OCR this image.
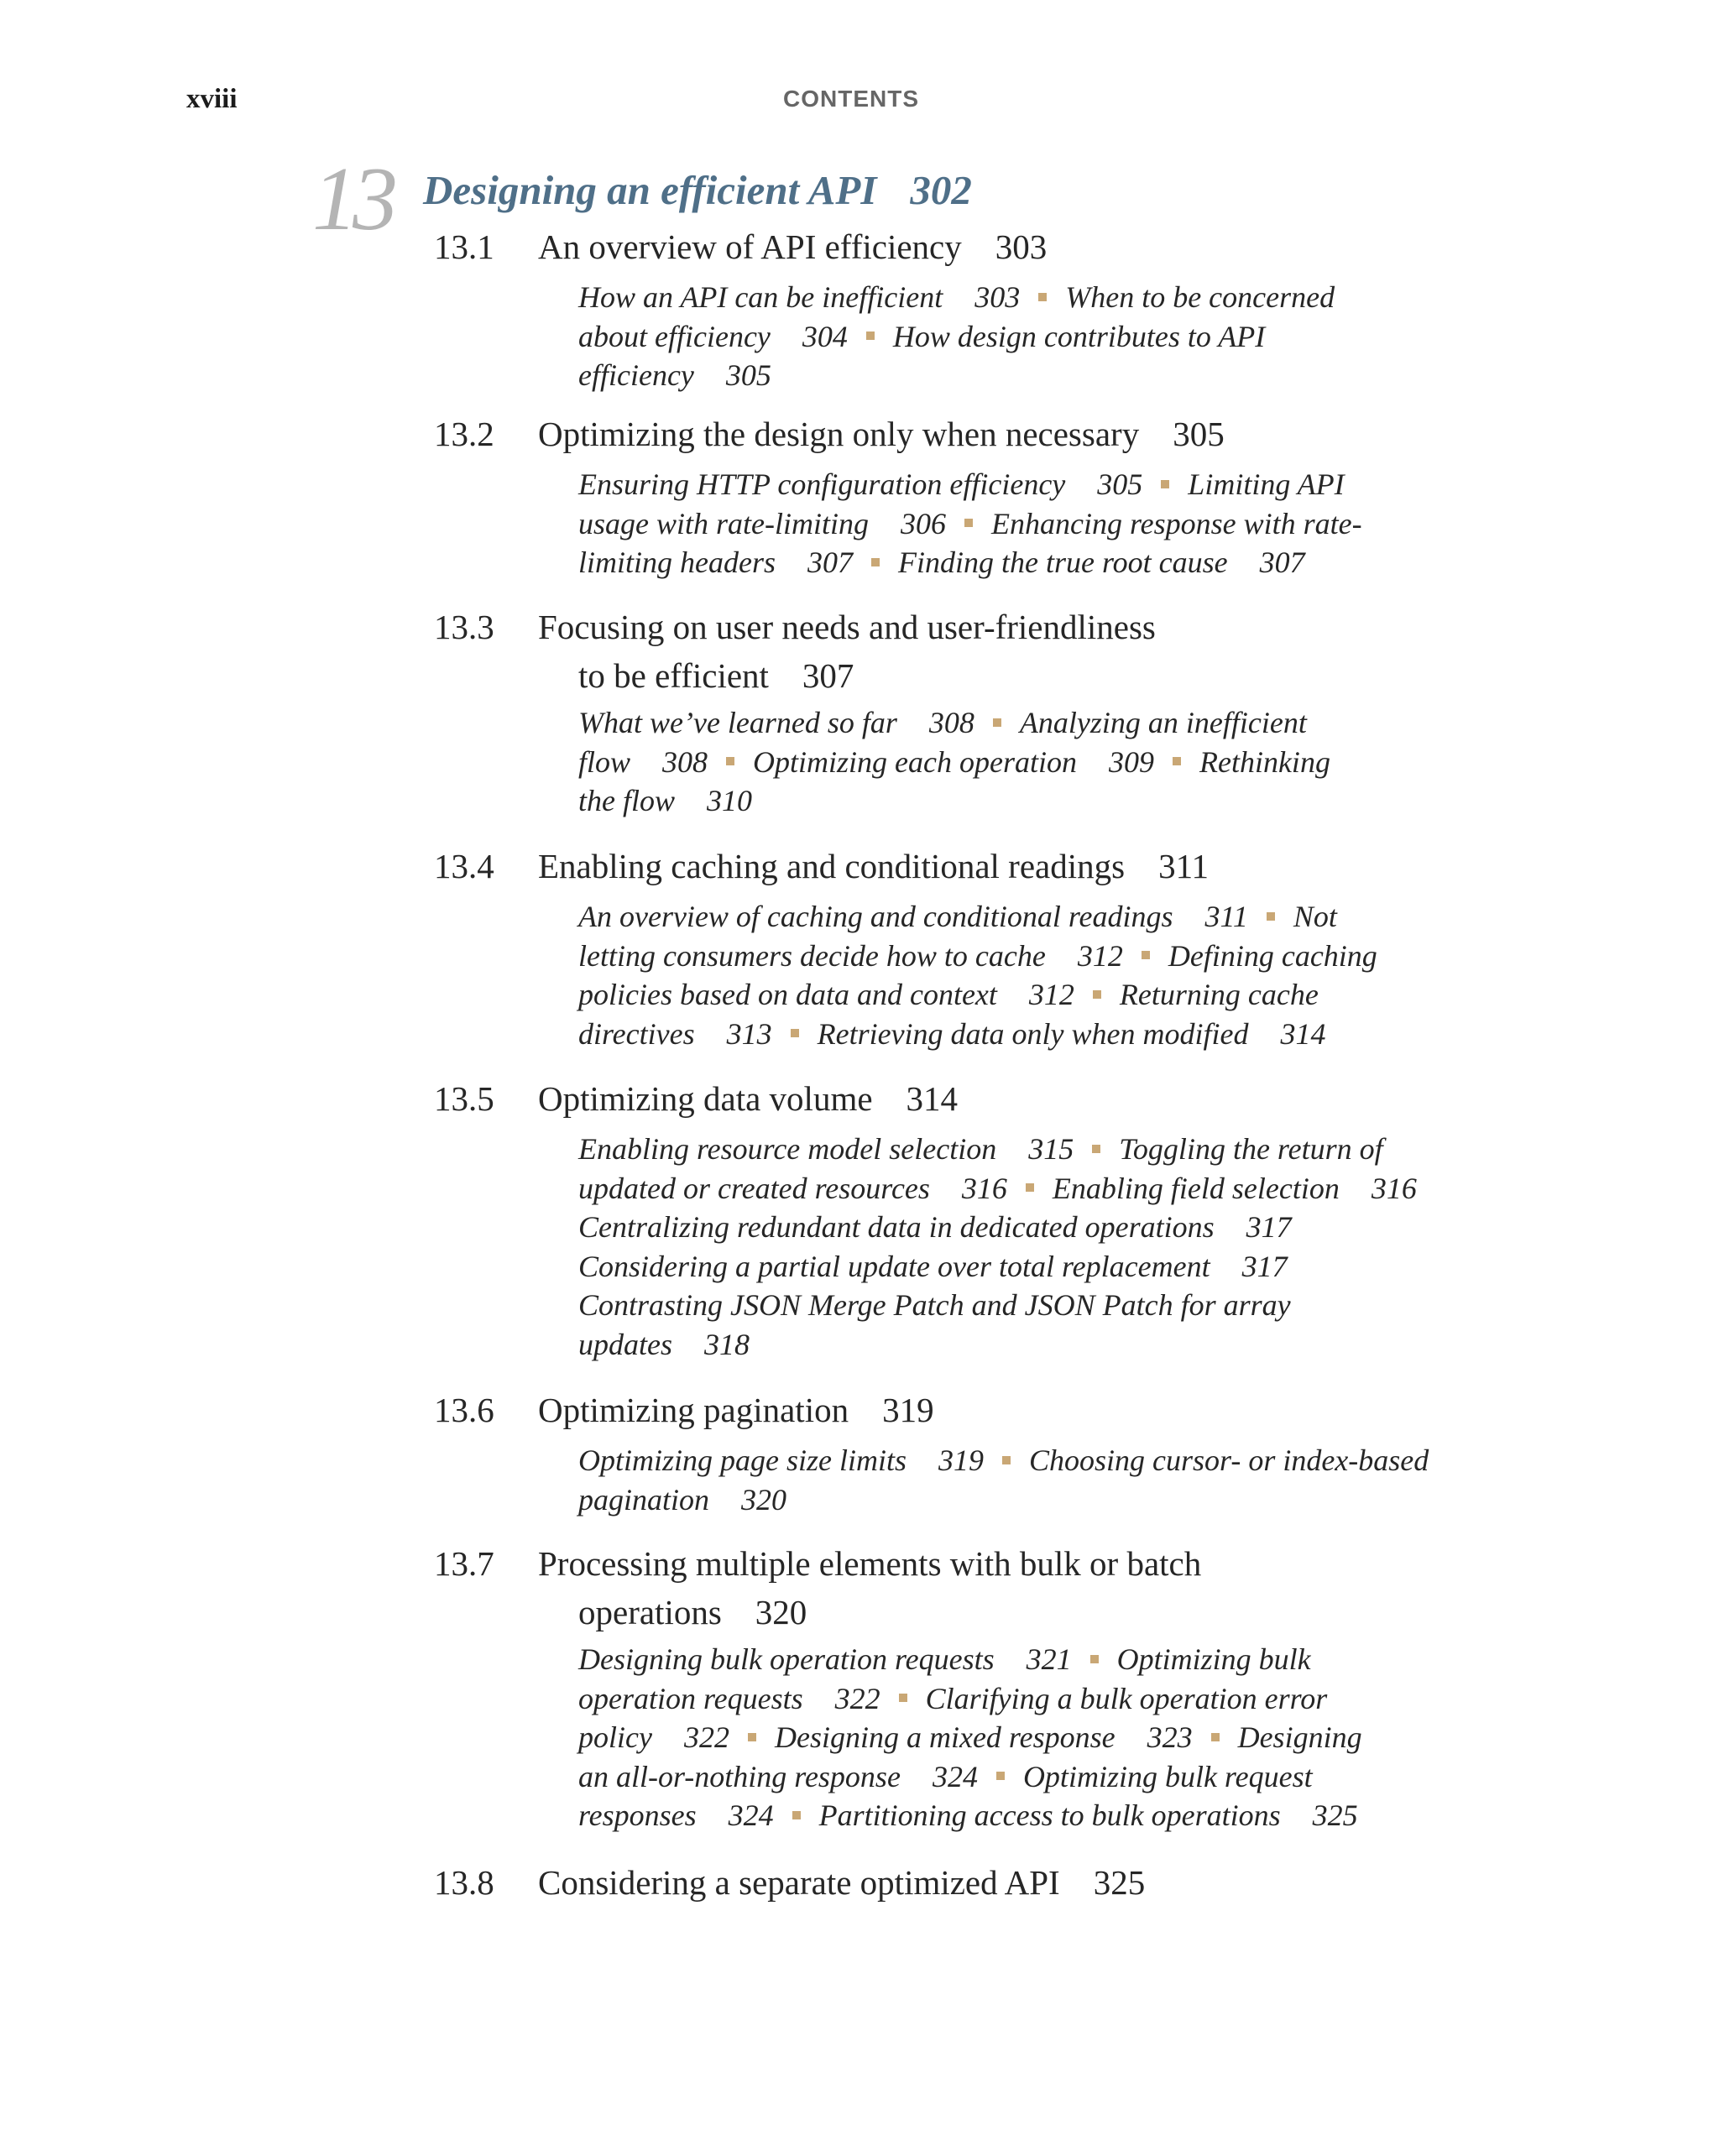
xviii	CONTENTS
13 Designing an efficient API 302
13.1 An overview of API efficiency 303
How an API can be inefficient 303 When to be concerned
about efficiency 304 How design contributes to API
efficiency 305
13.2 Optimizing the design only when necessary 305
Ensuring HTTP configuration efficiency 305 Limiting API
usage with rate-limiting 306 Enhancing response with rate-
limiting headers 307 Finding the true root cause 307
13.3 Focusing on user needs and user-friendliness
to be efficient 307
What we’ve learned so far 308 Analyzing an inefficient
flow 308 Optimizing each operation 309 Rethinking
the flow 310
13.4 Enabling caching and conditional readings 311
An overview of caching and conditional readings 311 Not
letting consumers decide how to cache 312 Defining caching
policies based on data and context 312 Returning cache
directives 313 Retrieving data only when modified 314
13.5 Optimizing data volume 314
Enabling resource model selection 315 Toggling the return of
updated or created resources 316 Enabling field selection 316
Centralizing redundant data in dedicated operations 317
Considering a partial update over total replacement 317
Contrasting JSON Merge Patch and JSON Patch for array
updates 318
13.6 Optimizing pagination 319
Optimizing page size limits 319 Choosing cursor- or index-based
pagination 320
13.7 Processing multiple elements with bulk or batch
operations 320
Designing bulk operation requests 321 Optimizing bulk
operation requests 322 Clarifying a bulk operation error
policy 322 Designing a mixed response 323 Designing
an all-or-nothing response 324 Optimizing bulk request
responses 324 Partitioning access to bulk operations 325
13.8 Considering a separate optimized API 325
